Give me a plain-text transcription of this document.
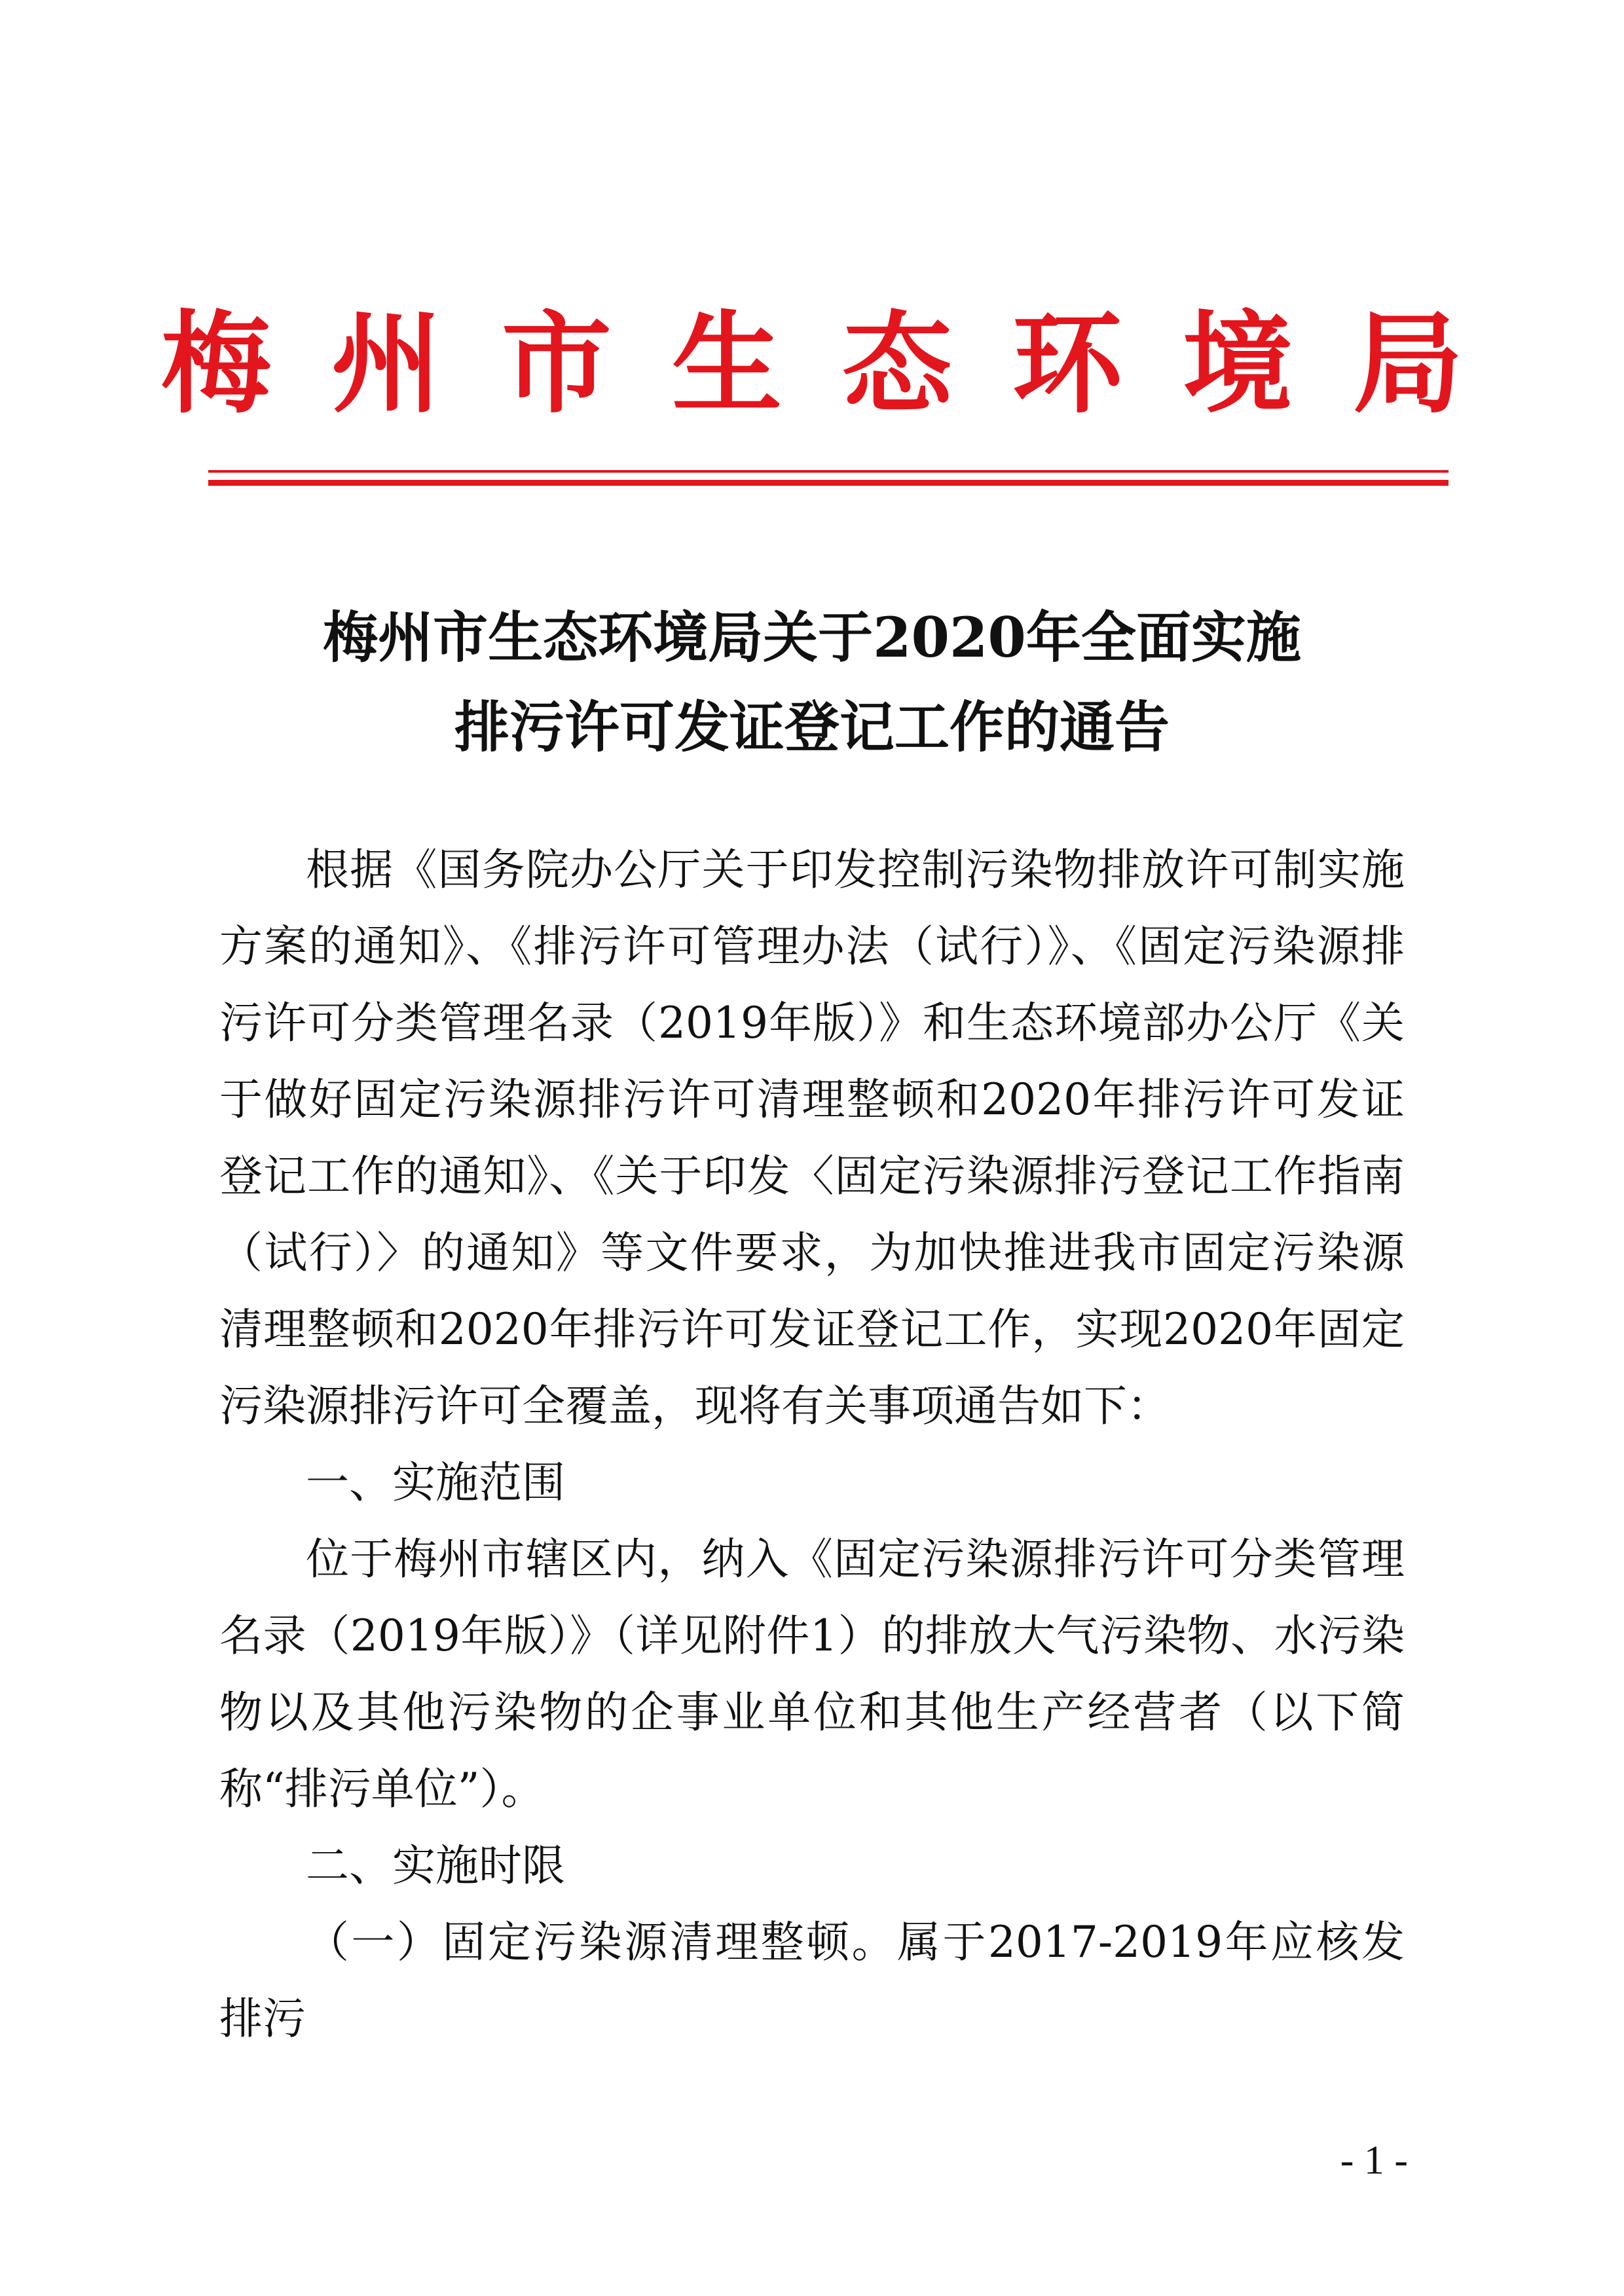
梅州市生态环境局
梅州市生态环境局关于2020年全面实施
排污许可发证登记工作的通告

根据《国务院办公厅关于印发控制污染物排放许可制实施方案的通知》、《排污许可管理办法（试行）》、《固定污染源排污许可分类管理名录（2019年版）》和生态环境部办公厅《关于做好固定污染源排污许可清理整顿和2020年排污许可发证登记工作的通知》、《关于印发〈固定污染源排污登记工作指南（试行）〉的通知》等文件要求，为加快推进我市固定污染源清理整顿和2020年排污许可发证登记工作，实现2020年固定污染源排污许可全覆盖，现将有关事项通告如下：

一、实施范围

位于梅州市辖区内，纳入《固定污染源排污许可分类管理名录（2019年版）》（详见附件1）的排放大气污染物、水污染物以及其他污染物的企事业单位和其他生产经营者（以下简称“排污单位”）。

二、实施时限

（一）固定污染源清理整顿。属于2017-2019年应核发排污

- 1 -
